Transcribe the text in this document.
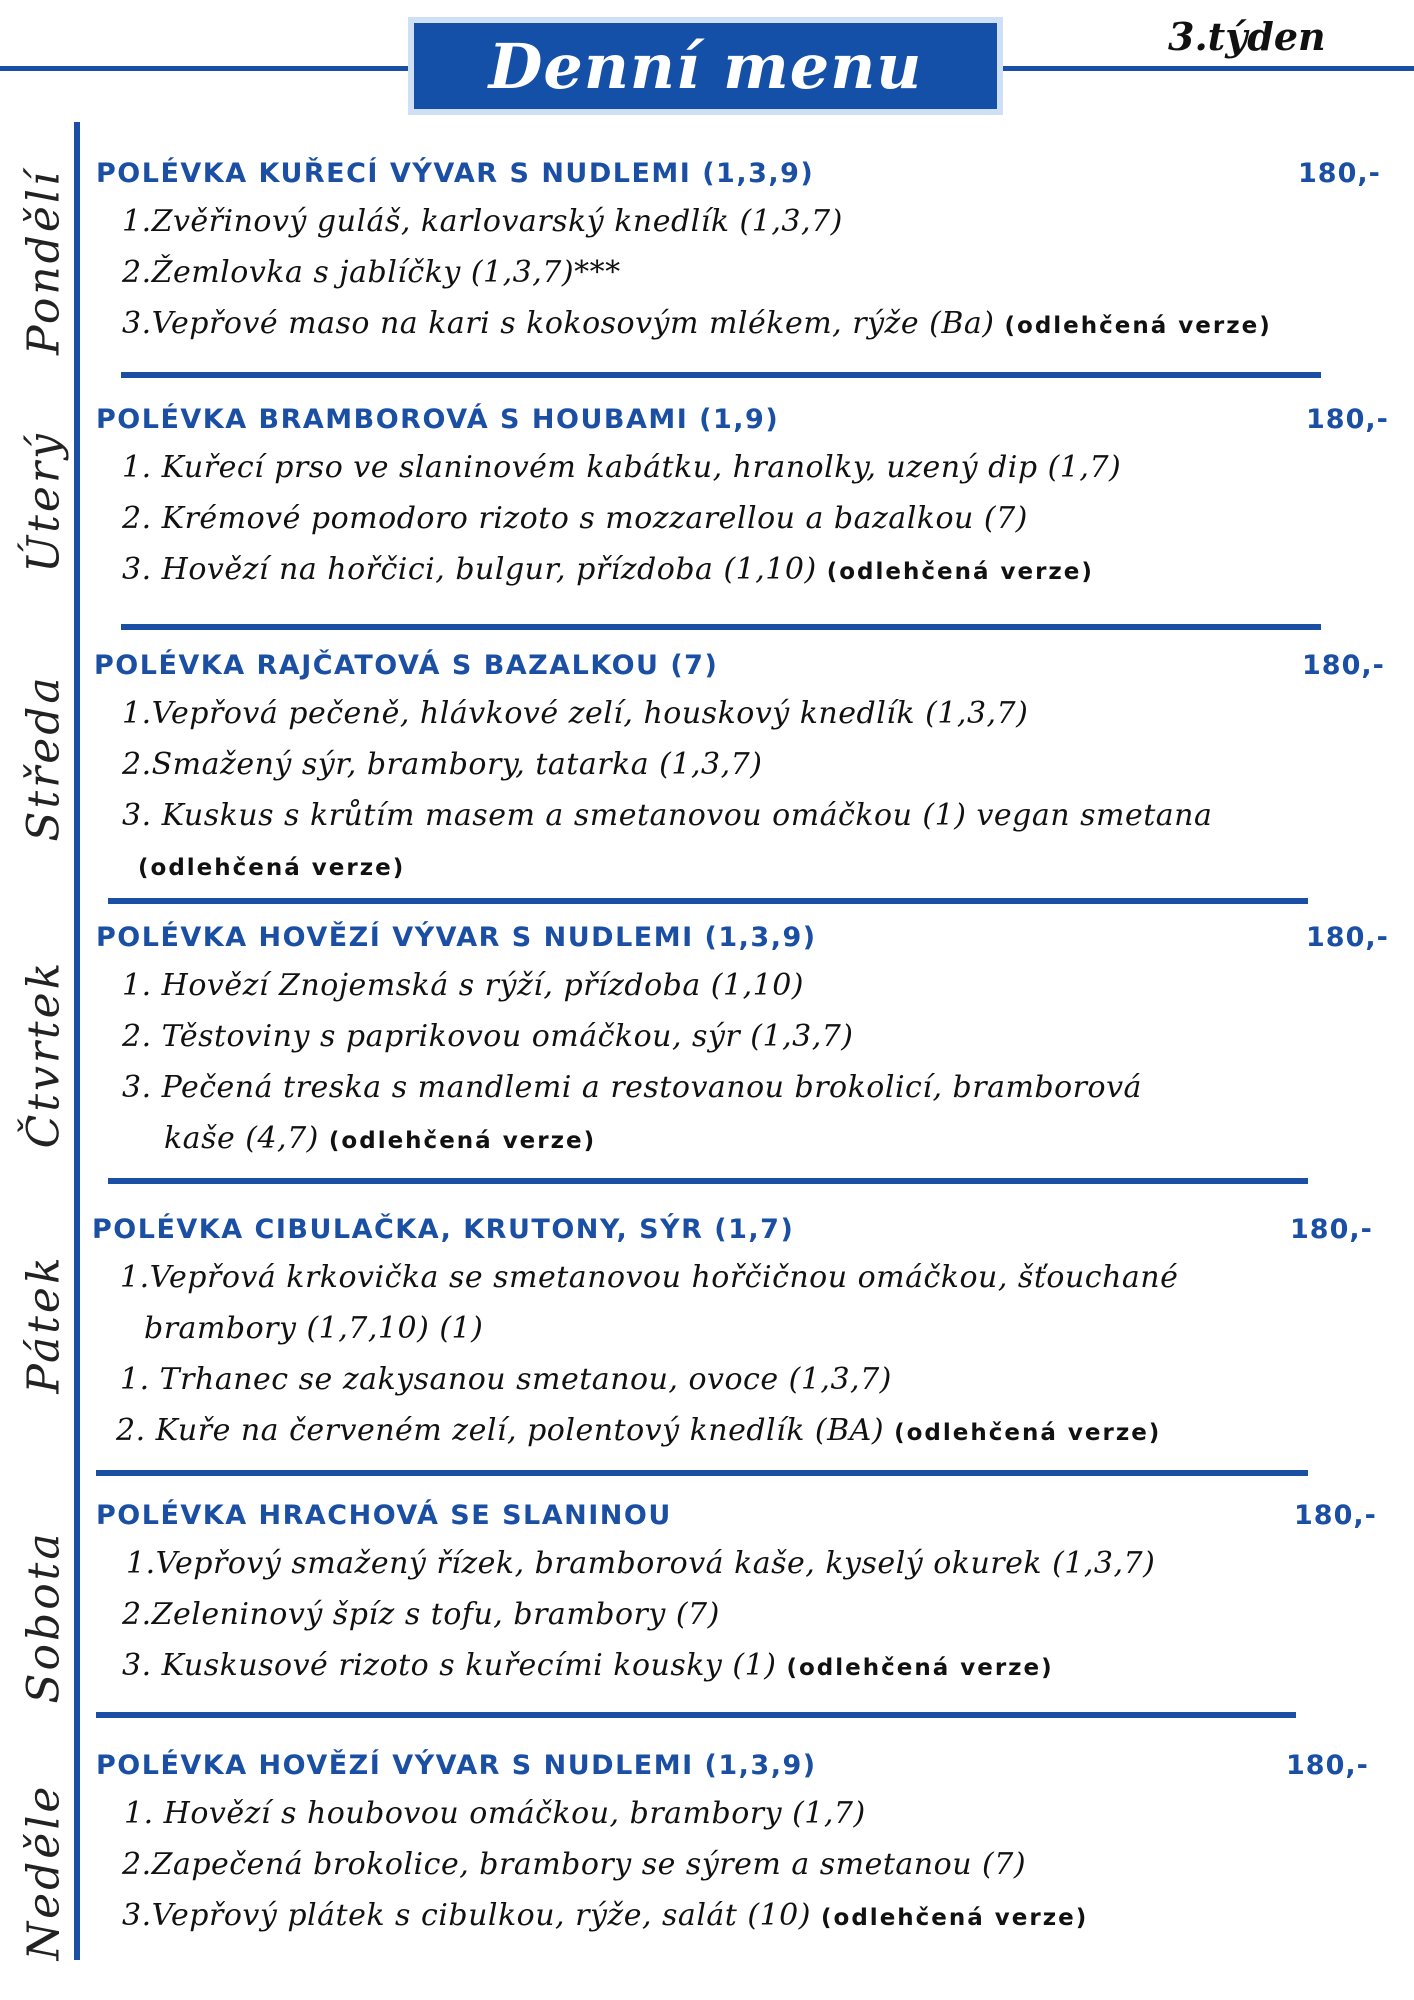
Denní menu	3.týden
Pondělí
Úterý
Středa
Čtvrtek
Pátek
Sobota
Neděle
POLÉVKA KUŘECÍ VÝVAR S NUDLEMI (1,3,9)	180,-
1.Zvěřinový guláš, karlovarský knedlík (1,3,7)
2.Žemlovka s jablíčky (1,3,7)***
3.Vepřové maso na kari s kokosovým mlékem, rýže (Ba) (odlehčená verze)
POLÉVKA BRAMBOROVÁ S HOUBAMI (1,9)	180,-
1. Kuřecí prso ve slaninovém kabátku, hranolky, uzený dip (1,7)
2. Krémové pomodoro rizoto s mozzarellou a bazalkou (7)
3. Hovězí na hořčici, bulgur, přízdoba (1,10) (odlehčená verze)
POLÉVKA RAJČATOVÁ S BAZALKOU (7)	180,-
1.Vepřová pečeně, hlávkové zelí, houskový knedlík (1,3,7)
2.Smažený sýr, brambory, tatarka (1,3,7)
3. Kuskus s krůtím masem a smetanovou omáčkou (1) vegan smetana
(odlehčená verze)
POLÉVKA HOVĚZÍ VÝVAR S NUDLEMI (1,3,9)	180,-
1. Hovězí Znojemská s rýží, přízdoba (1,10)
2. Těstoviny s paprikovou omáčkou, sýr (1,3,7)
3. Pečená treska s mandlemi a restovanou brokolicí, bramborová
kaše (4,7) (odlehčená verze)
POLÉVKA CIBULAČKA, KRUTONY, SÝR (1,7)	180,-
1.Vepřová krkovička se smetanovou hořčičnou omáčkou, šťouchané
brambory (1,7,10) (1)
1. Trhanec se zakysanou smetanou, ovoce (1,3,7)
2. Kuře na červeném zelí, polentový knedlík (BA) (odlehčená verze)
POLÉVKA HRACHOVÁ SE SLANINOU	180,-
1.Vepřový smažený řízek, bramborová kaše, kyselý okurek (1,3,7)
2.Zeleninový špíz s tofu, brambory (7)
3. Kuskusové rizoto s kuřecími kousky (1) (odlehčená verze)
POLÉVKA HOVĚZÍ VÝVAR S NUDLEMI (1,3,9)	180,-
1. Hovězí s houbovou omáčkou, brambory (1,7)
2.Zapečená brokolice, brambory se sýrem a smetanou (7)
3.Vepřový plátek s cibulkou, rýže, salát (10) (odlehčená verze)
